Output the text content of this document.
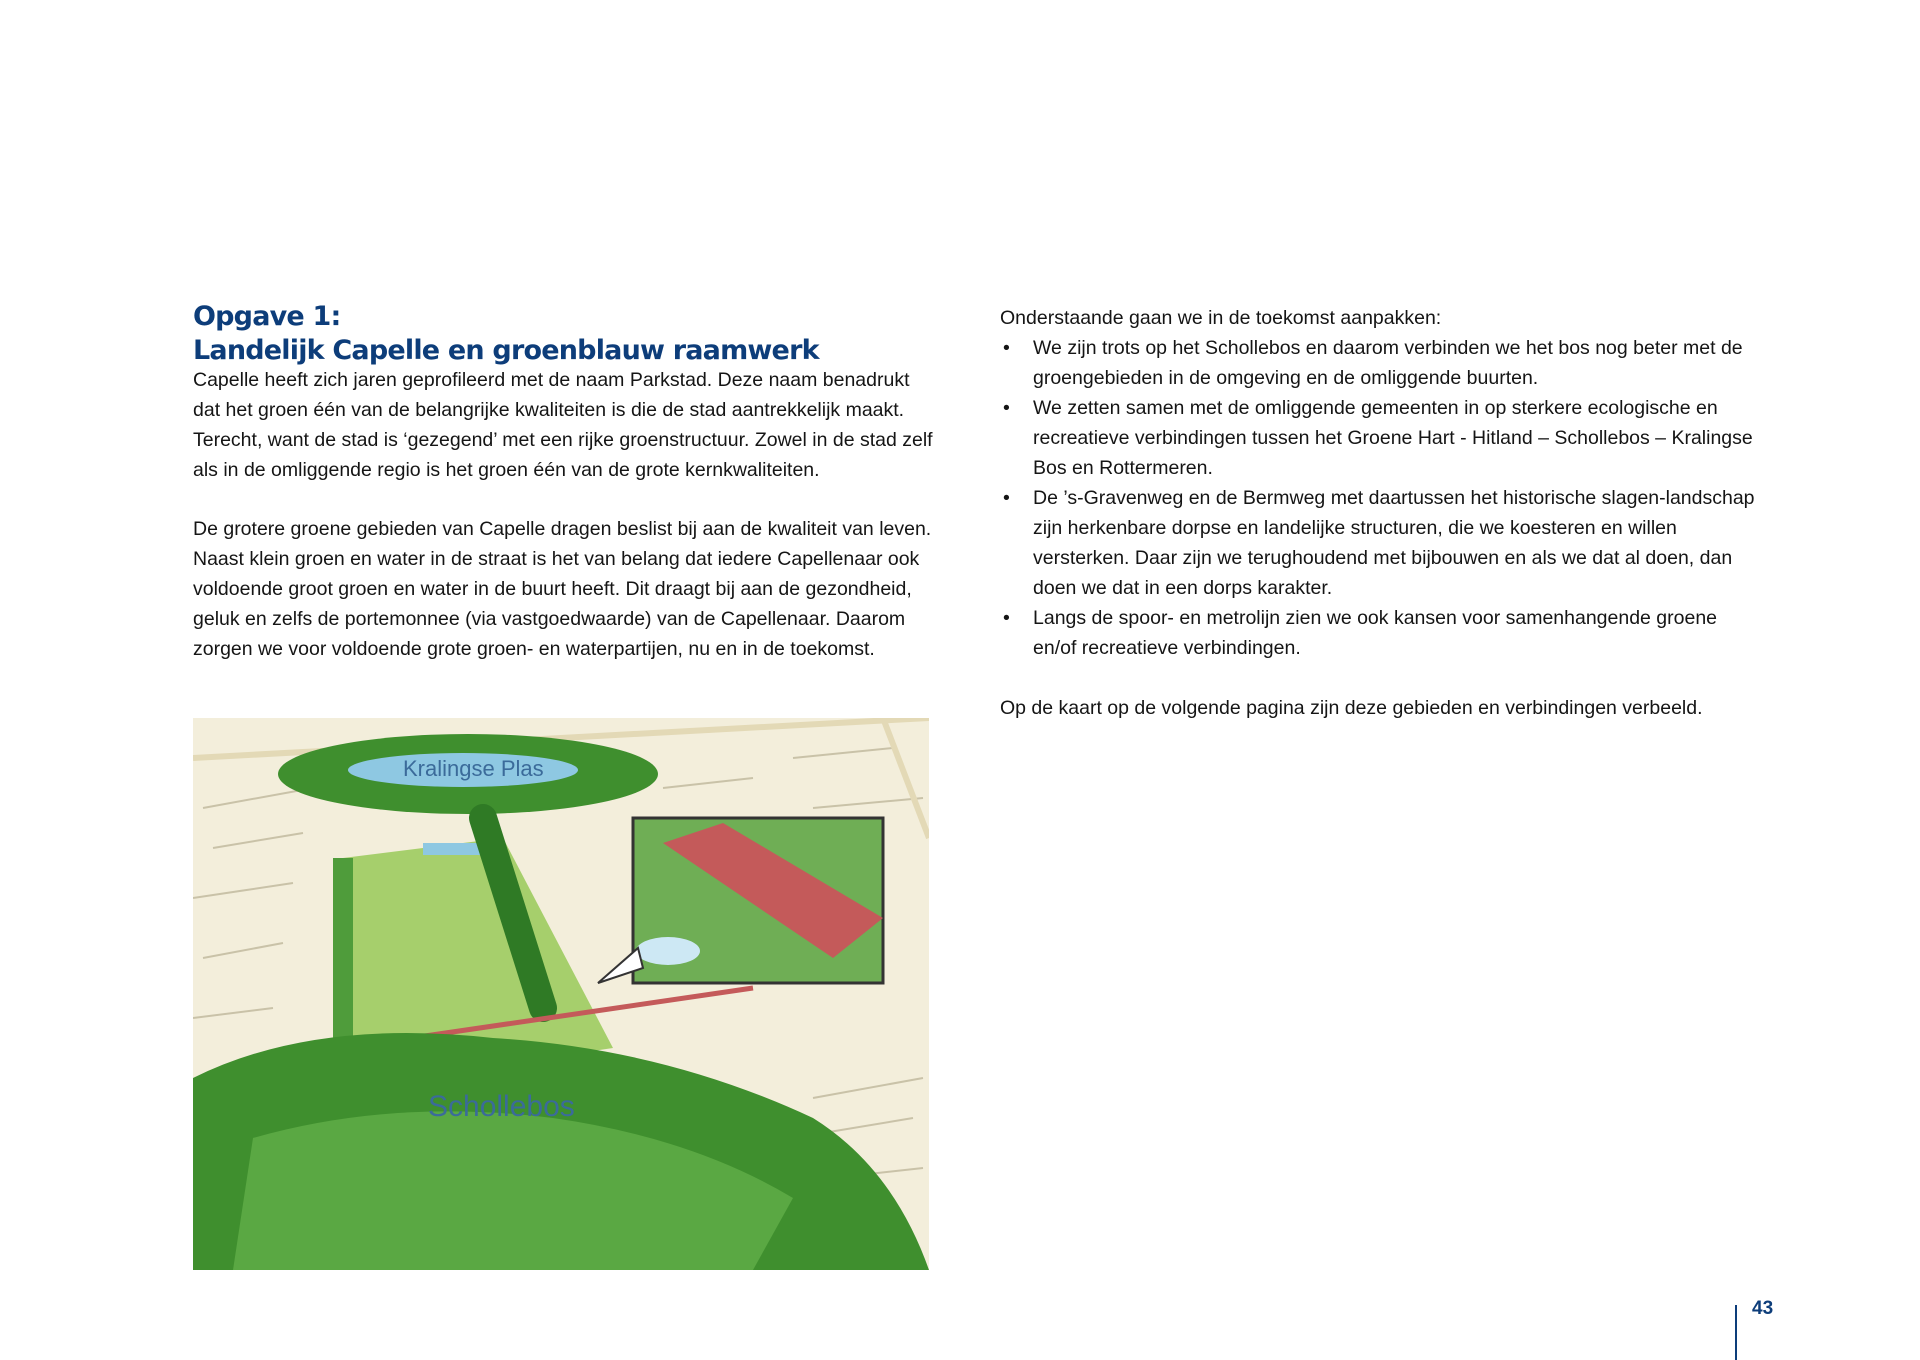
Opgave 1:
Landelijk Capelle en groenblauw raamwerk
Capelle heeft zich jaren geprofileerd met de naam Parkstad. Deze naam benadrukt dat het groen één van de belangrijke kwaliteiten is die de stad aantrekkelijk maakt. Terecht, want de stad is ‘gezegend’ met een rijke groenstructuur. Zowel in de stad zelf als in de omliggende regio is het groen één van de grote kernkwaliteiten.
De grotere groene gebieden van Capelle dragen beslist bij aan de kwaliteit van leven. Naast klein groen en water in de straat is het van belang dat iedere Capellenaar ook voldoende groot groen en water in de buurt heeft. Dit draagt bij aan de gezondheid, geluk en zelfs de portemonnee (via vastgoedwaarde) van de Capellenaar. Daarom zorgen we voor voldoende grote groen- en waterpartijen, nu en in de toekomst.
Onderstaande gaan we in de toekomst aanpakken:
• We zijn trots op het Schollebos en daarom verbinden we het bos nog beter met de groengebieden in de omgeving en de omliggende buurten.
• We zetten samen met de omliggende gemeenten in op sterkere ecologische en recreatieve verbindingen tussen het Groene Hart - Hitland – Schollebos – Kralingse Bos en Rottermeren.
• De ’s-Gravenweg en de Bermweg met daartussen het historische slagen-landschap zijn herkenbare dorpse en landelijke structuren, die we koesteren en willen versterken. Daar zijn we terughoudend met bijbouwen en als we dat al doen, dan doen we dat in een dorps karakter.
• Langs de spoor- en metrolijn zien we ook kansen voor samenhangende groene en/of recreatieve verbindingen.
Op de kaart op de volgende pagina zijn deze gebieden en verbindingen verbeeld.
Kralingse Plas
Schollebos
43
